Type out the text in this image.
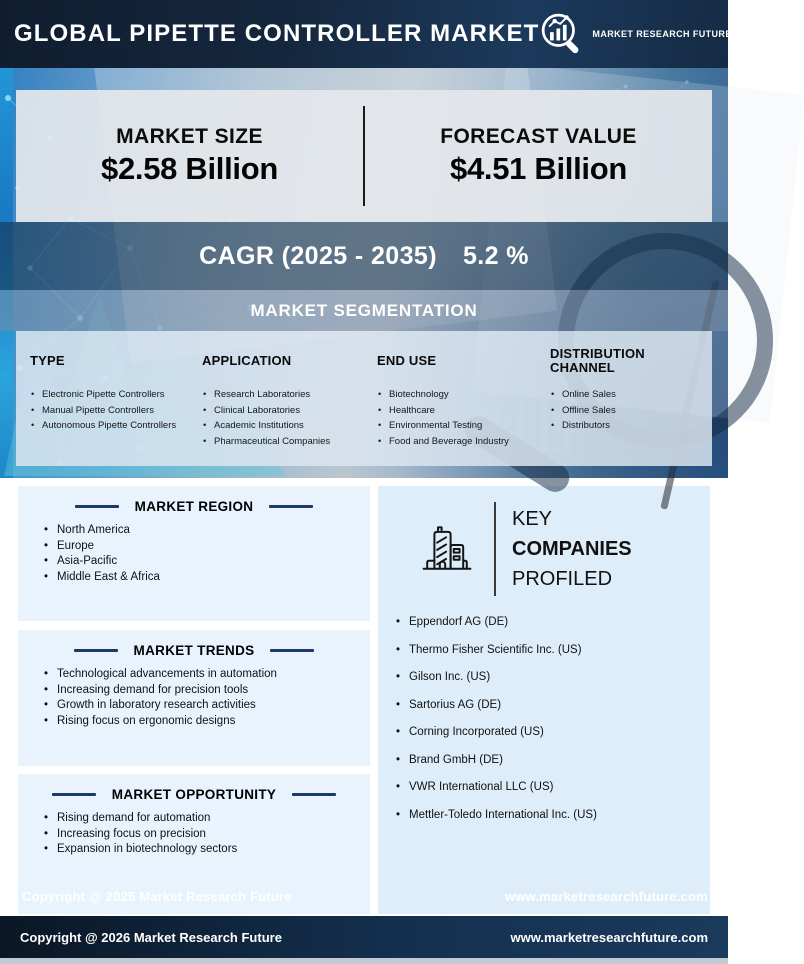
GLOBAL PIPETTE CONTROLLER MARKET	MARKET RESEARCH FUTURE
®
MARKET SIZE
$2.58 Billion
FORECAST VALUE
$4.51 Billion
CAGR (2025 - 2035) 5.2 %
MARKET SEGMENTATION
TYPE
• Electronic Pipette Controllers
• Manual Pipette Controllers
• Autonomous Pipette Controllers
APPLICATION
• Research Laboratories
• Clinical Laboratories
• Academic Institutions
• Pharmaceutical Companies
END USE
• Biotechnology
• Healthcare
• Environmental Testing
• Food and Beverage Industry
DISTRIBUTION CHANNEL
• Online Sales
• Offline Sales
• Distributors
MARKET REGION
• North America
• Europe
• Asia-Pacific
• Middle East & Africa
MARKET TRENDS
• Technological advancements in automation
• Increasing demand for precision tools
• Growth in laboratory research activities
• Rising focus on ergonomic designs
MARKET OPPORTUNITY
• Rising demand for automation
• Increasing focus on precision
• Expansion in biotechnology sectors
KEY
COMPANIES
PROFILED
• Eppendorf AG (DE)
• Thermo Fisher Scientific Inc. (US)
• Gilson Inc. (US)
• Sartorius AG (DE)
• Corning Incorporated (US)
• Brand GmbH (DE)
• VWR International LLC (US)
• Mettler-Toledo International Inc. (US)
Copyright @ 2025 Market Research Future	www.marketresearchfuture.com
Copyright @ 2026 Market Research Future	www.marketresearchfuture.com
